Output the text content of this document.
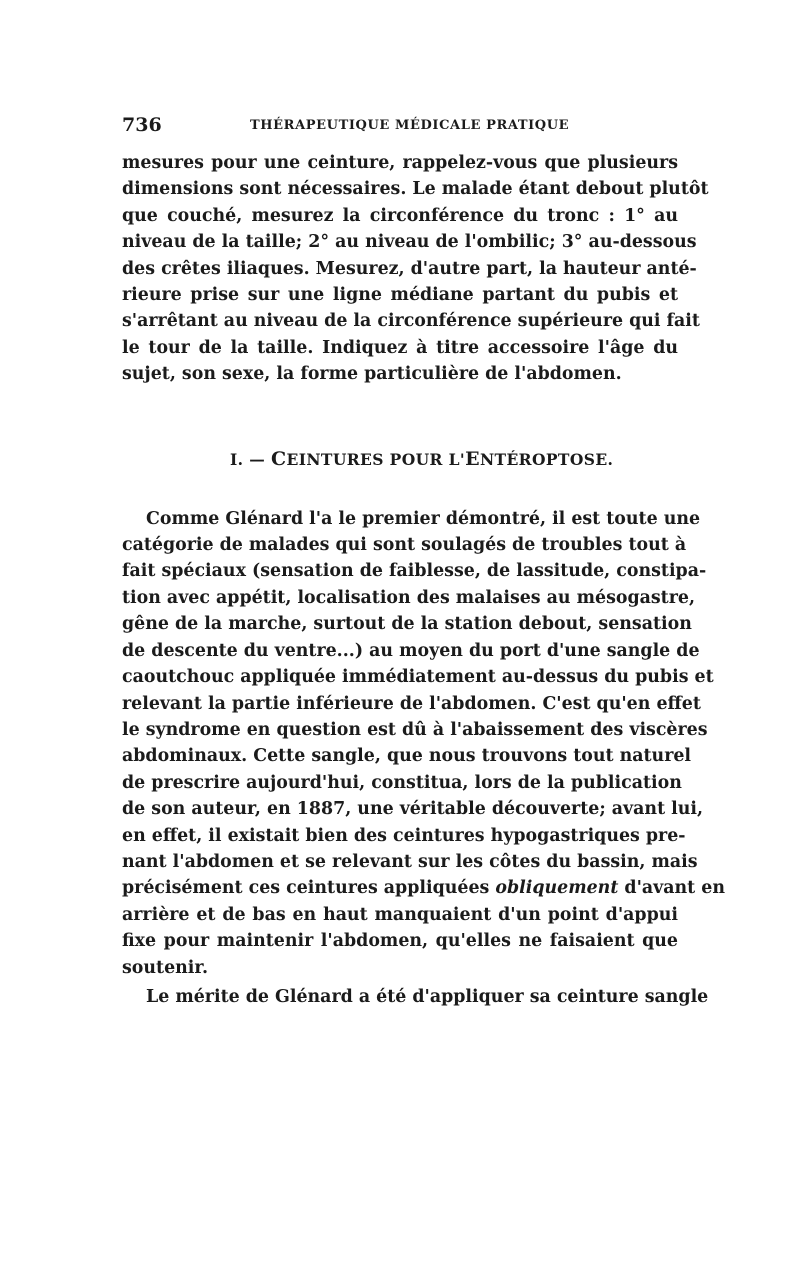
736	THÉRAPEUTIQUE MÉDICALE PRATIQUE
mesures pour une ceinture, rappelez-vous que plusieurs
dimensions sont nécessaires. Le malade étant debout plutôt
que couché, mesurez la circonférence du tronc : 1° au
niveau de la taille; 2° au niveau de l'ombilic; 3° au-dessous
des crêtes iliaques. Mesurez, d'autre part, la hauteur anté-
rieure prise sur une ligne médiane partant du pubis et
s'arrêtant au niveau de la circonférence supérieure qui fait
le tour de la taille. Indiquez à titre accessoire l'âge du
sujet, son sexe, la forme particulière de l'abdomen.
I. — CEINTURES POUR L'ENTÉROPTOSE.
Comme Glénard l'a le premier démontré, il est toute une
catégorie de malades qui sont soulagés de troubles tout à
fait spéciaux (sensation de faiblesse, de lassitude, constipa-
tion avec appétit, localisation des malaises au mésogastre,
gêne de la marche, surtout de la station debout, sensation
de descente du ventre...) au moyen du port d'une sangle de
caoutchouc appliquée immédiatement au-dessus du pubis et
relevant la partie inférieure de l'abdomen. C'est qu'en effet
le syndrome en question est dû à l'abaissement des viscères
abdominaux. Cette sangle, que nous trouvons tout naturel
de prescrire aujourd'hui, constitua, lors de la publication
de son auteur, en 1887, une véritable découverte; avant lui,
en effet, il existait bien des ceintures hypogastriques pre-
nant l'abdomen et se relevant sur les côtes du bassin, mais
précisément ces ceintures appliquées obliquement d'avant en
arrière et de bas en haut manquaient d'un point d'appui
fixe pour maintenir l'abdomen, qu'elles ne faisaient que
soutenir.
Le mérite de Glénard a été d'appliquer sa ceinture sangle
